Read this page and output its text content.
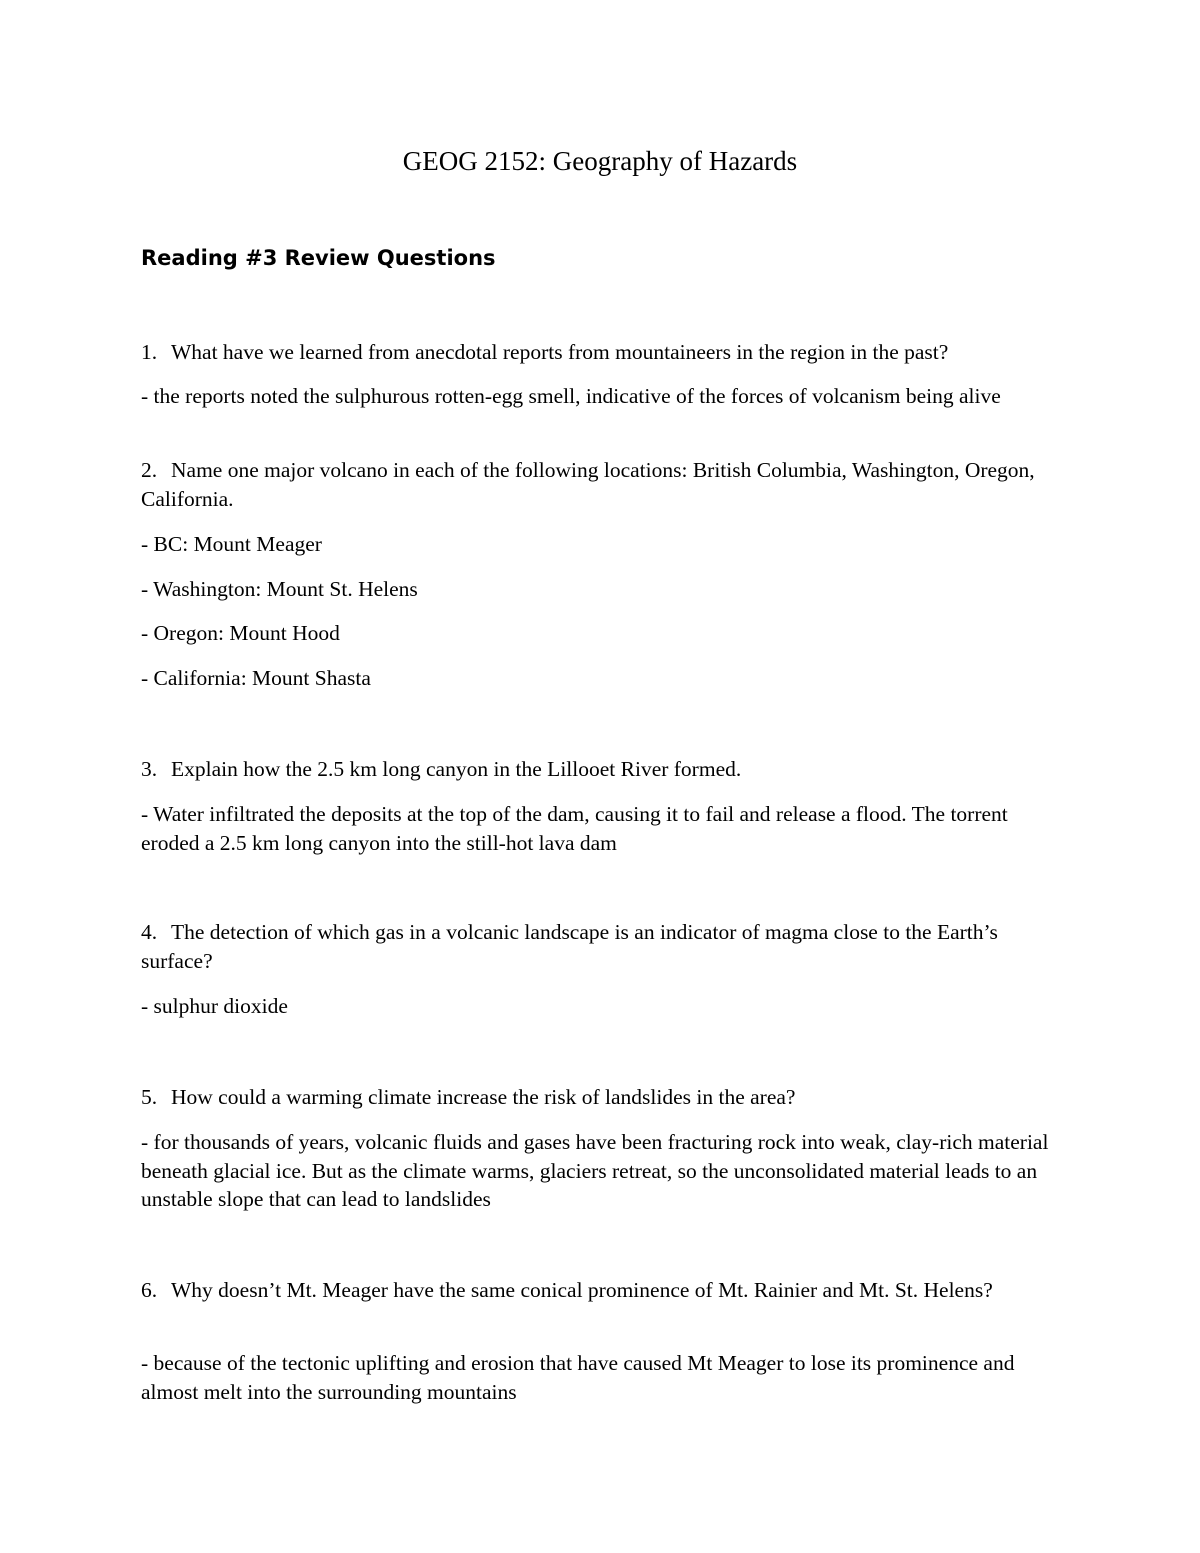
GEOG 2152: Geography of Hazards
Reading #3 Review Questions

1. What have we learned from anecdotal reports from mountaineers in the region in the past?

- the reports noted the sulphurous rotten-egg smell, indicative of the forces of volcanism being alive

2. Name one major volcano in each of the following locations: British Columbia, Washington, Oregon, California.

- BC: Mount Meager

- Washington: Mount St. Helens

- Oregon: Mount Hood

- California: Mount Shasta

3. Explain how the 2.5 km long canyon in the Lillooet River formed.

- Water infiltrated the deposits at the top of the dam, causing it to fail and release a flood. The torrent eroded a 2.5 km long canyon into the still-hot lava dam

4. The detection of which gas in a volcanic landscape is an indicator of magma close to the Earth’s surface?

- sulphur dioxide

5. How could a warming climate increase the risk of landslides in the area?

- for thousands of years, volcanic fluids and gases have been fracturing rock into weak, clay-rich material beneath glacial ice. But as the climate warms, glaciers retreat, so the unconsolidated material leads to an unstable slope that can lead to landslides

6. Why doesn’t Mt. Meager have the same conical prominence of Mt. Rainier and Mt. St. Helens?

- because of the tectonic uplifting and erosion that have caused Mt Meager to lose its prominence and almost melt into the surrounding mountains
